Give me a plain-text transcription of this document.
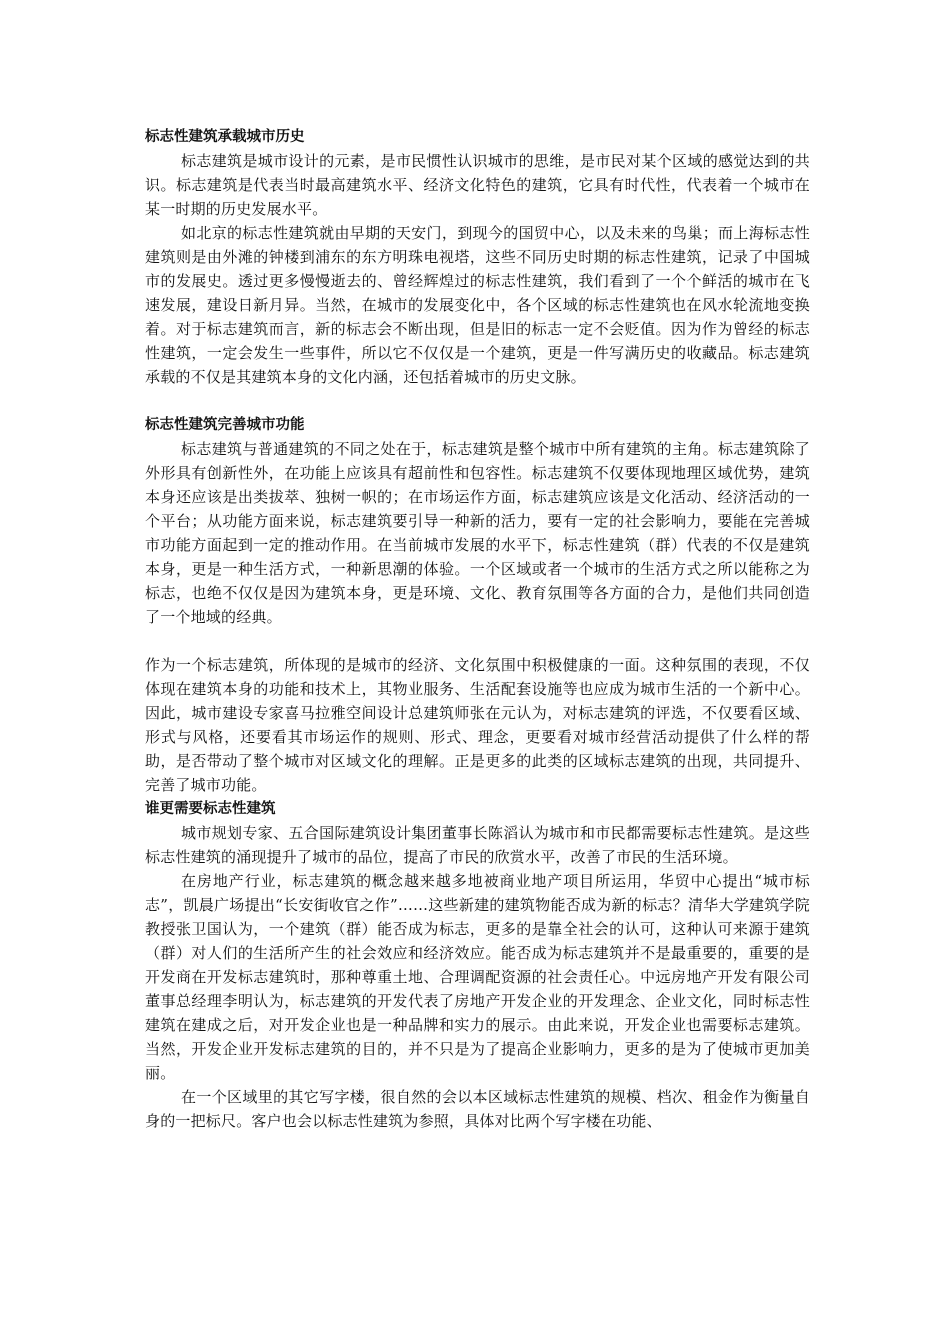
标志性建筑承载城市历史

标志建筑是城市设计的元素，是市民惯性认识城市的思维，是市民对某个区域的感觉达到的共识。标志建筑是代表当时最高建筑水平、经济文化特色的建筑，它具有时代性，代表着一个城市在某一时期的历史发展水平。

如北京的标志性建筑就由早期的天安门，到现今的国贸中心，以及未来的鸟巢；而上海标志性建筑则是由外滩的钟楼到浦东的东方明珠电视塔，这些不同历史时期的标志性建筑，记录了中国城市的发展史。透过更多慢慢逝去的、曾经辉煌过的标志性建筑，我们看到了一个个鲜活的城市在飞速发展，建设日新月异。当然，在城市的发展变化中，各个区域的标志性建筑也在风水轮流地变换着。对于标志建筑而言，新的标志会不断出现，但是旧的标志一定不会贬值。因为作为曾经的标志性建筑，一定会发生一些事件，所以它不仅仅是一个建筑，更是一件写满历史的收藏品。标志建筑承载的不仅是其建筑本身的文化内涵，还包括着城市的历史文脉。

标志性建筑完善城市功能

标志建筑与普通建筑的不同之处在于，标志建筑是整个城市中所有建筑的主角。标志建筑除了外形具有创新性外，在功能上应该具有超前性和包容性。标志建筑不仅要体现地理区域优势，建筑本身还应该是出类拔萃、独树一帜的；在市场运作方面，标志建筑应该是文化活动、经济活动的一个平台；从功能方面来说，标志建筑要引导一种新的活力，要有一定的社会影响力，要能在完善城市功能方面起到一定的推动作用。在当前城市发展的水平下，标志性建筑（群）代表的不仅是建筑本身，更是一种生活方式，一种新思潮的体验。一个区域或者一个城市的生活方式之所以能称之为标志，也绝不仅仅是因为建筑本身，更是环境、文化、教育氛围等各方面的合力，是他们共同创造了一个地域的经典。

作为一个标志建筑，所体现的是城市的经济、文化氛围中积极健康的一面。这种氛围的表现，不仅体现在建筑本身的功能和技术上，其物业服务、生活配套设施等也应成为城市生活的一个新中心。因此，城市建设专家喜马拉雅空间设计总建筑师张在元认为，对标志建筑的评选，不仅要看区域、形式与风格，还要看其市场运作的规则、形式、理念，更要看对城市经营活动提供了什么样的帮助，是否带动了整个城市对区域文化的理解。正是更多的此类的区域标志建筑的出现，共同提升、完善了城市功能。

谁更需要标志性建筑

城市规划专家、五合国际建筑设计集团董事长陈滔认为城市和市民都需要标志性建筑。是这些标志性建筑的涌现提升了城市的品位，提高了市民的欣赏水平，改善了市民的生活环境。

在房地产行业，标志建筑的概念越来越多地被商业地产项目所运用，华贸中心提出“城市标志”，凯晨广场提出“长安街收官之作”……这些新建的建筑物能否成为新的标志？清华大学建筑学院教授张卫国认为，一个建筑（群）能否成为标志，更多的是靠全社会的认可，这种认可来源于建筑（群）对人们的生活所产生的社会效应和经济效应。能否成为标志建筑并不是最重要的，重要的是开发商在开发标志建筑时，那种尊重土地、合理调配资源的社会责任心。中远房地产开发有限公司董事总经理李明认为，标志建筑的开发代表了房地产开发企业的开发理念、企业文化，同时标志性建筑在建成之后，对开发企业也是一种品牌和实力的展示。由此来说，开发企业也需要标志建筑。当然，开发企业开发标志建筑的目的，并不只是为了提高企业影响力，更多的是为了使城市更加美丽。

在一个区域里的其它写字楼，很自然的会以本区域标志性建筑的规模、档次、租金作为衡量自身的一把标尺。客户也会以标志性建筑为参照，具体对比两个写字楼在功能、
